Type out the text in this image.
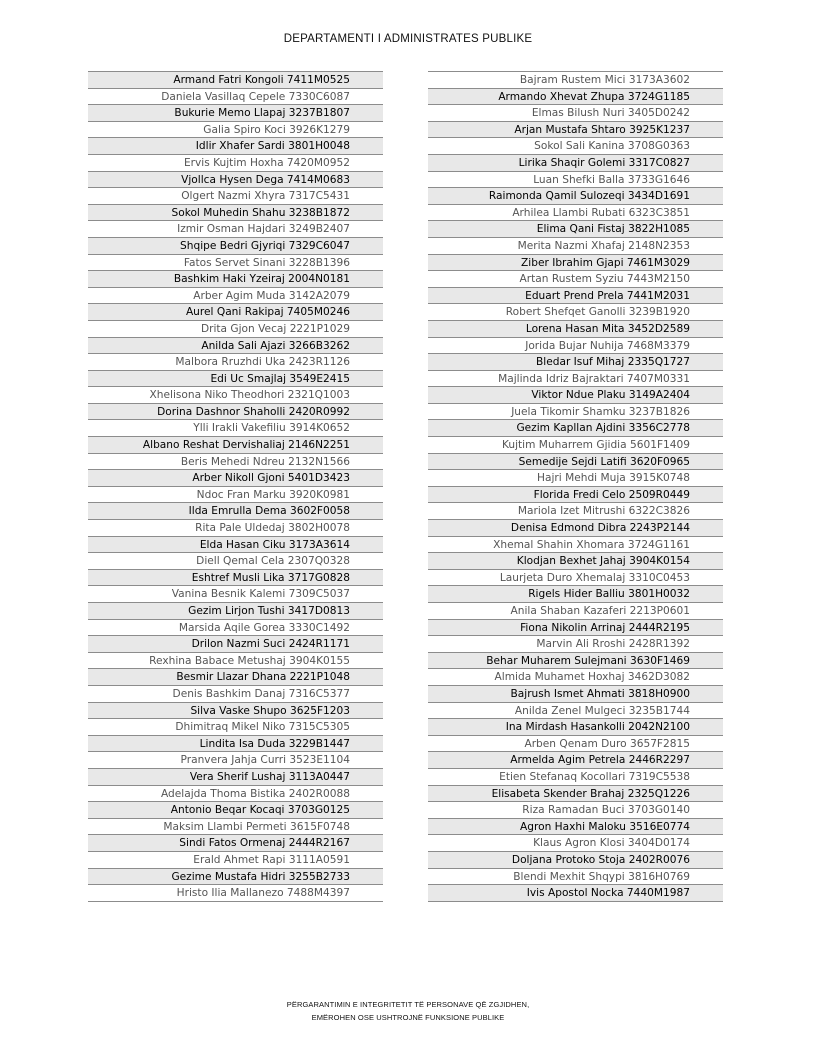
DEPARTAMENTI I ADMINISTRATES PUBLIKE
Armand Fatri Kongoli 7411M0525
Daniela Vasillaq Cepele 7330C6087
Bukurie Memo Llapaj 3237B1807
Galia Spiro Koci 3926K1279
Idlir Xhafer Sardi 3801H0048
Ervis Kujtim Hoxha 7420M0952
Vjollca Hysen Dega 7414M0683
Olgert Nazmi Xhyra 7317C5431
Sokol Muhedin Shahu 3238B1872
Izmir Osman Hajdari 3249B2407
Shqipe Bedri Gjyriqi 7329C6047
Fatos Servet Sinani 3228B1396
Bashkim Haki Yzeiraj 2004N0181
Arber Agim Muda 3142A2079
Aurel Qani Rakipaj 7405M0246
Drita Gjon Vecaj 2221P1029
Anilda Sali Ajazi 3266B3262
Malbora Rruzhdi Uka 2423R1126
Edi Uc Smajlaj 3549E2415
Xhelisona Niko Theodhori 2321Q1003
Dorina Dashnor Shaholli 2420R0992
Ylli Irakli Vakefiliu 3914K0652
Albano Reshat Dervishaliaj 2146N2251
Beris Mehedi Ndreu 2132N1566
Arber Nikoll Gjoni 5401D3423
Ndoc Fran Marku 3920K0981
Ilda Emrulla Dema 3602F0058
Rita Pale Uldedaj 3802H0078
Elda Hasan Ciku 3173A3614
Diell Qemal Cela 2307Q0328
Eshtref Musli Lika 3717G0828
Vanina Besnik Kalemi 7309C5037
Gezim Lirjon Tushi 3417D0813
Marsida Aqile Gorea 3330C1492
Drilon Nazmi Suci 2424R1171
Rexhina Babace Metushaj 3904K0155
Besmir Llazar Dhana 2221P1048
Denis Bashkim Danaj 7316C5377
Silva Vaske Shupo 3625F1203
Dhimitraq Mikel Niko 7315C5305
Lindita Isa Duda 3229B1447
Pranvera Jahja Curri 3523E1104
Vera Sherif Lushaj 3113A0447
Adelajda Thoma Bistika 2402R0088
Antonio Beqar Kocaqi 3703G0125
Maksim Llambi Permeti 3615F0748
Sindi Fatos Ormenaj 2444R2167
Erald Ahmet Rapi 3111A0591
Gezime Mustafa Hidri 3255B2733
Hristo Ilia Mallanezo 7488M4397
Bajram Rustem Mici 3173A3602
Armando Xhevat Zhupa 3724G1185
Elmas Bilush Nuri 3405D0242
Arjan Mustafa Shtaro 3925K1237
Sokol Sali Kanina 3708G0363
Lirika Shaqir Golemi 3317C0827
Luan Shefki Balla 3733G1646
Raimonda Qamil Sulozeqi 3434D1691
Arhilea Llambi Rubati 6323C3851
Elima Qani Fistaj 3822H1085
Merita Nazmi Xhafaj 2148N2353
Ziber Ibrahim Gjapi 7461M3029
Artan Rustem Syziu 7443M2150
Eduart Prend Prela 7441M2031
Robert Shefqet Ganolli 3239B1920
Lorena Hasan Mita 3452D2589
Jorida Bujar Nuhija 7468M3379
Bledar Isuf Mihaj 2335Q1727
Majlinda Idriz Bajraktari 7407M0331
Viktor Ndue Plaku 3149A2404
Juela Tikomir Shamku 3237B1826
Gezim Kapllan Ajdini 3356C2778
Kujtim Muharrem Gjidia 5601F1409
Semedije Sejdi Latifi 3620F0965
Hajri Mehdi Muja 3915K0748
Florida Fredi Celo 2509R0449
Mariola Izet Mitrushi 6322C3826
Denisa Edmond Dibra 2243P2144
Xhemal Shahin Xhomara 3724G1161
Klodjan Bexhet Jahaj 3904K0154
Laurjeta Duro Xhemalaj 3310C0453
Rigels Hider Balliu 3801H0032
Anila Shaban Kazaferi 2213P0601
Fiona Nikolin Arrinaj 2444R2195
Marvin Ali Rroshi 2428R1392
Behar Muharem Sulejmani 3630F1469
Almida Muhamet Hoxhaj 3462D3082
Bajrush Ismet Ahmati 3818H0900
Anilda Zenel Mulgeci 3235B1744
Ina Mirdash Hasankolli 2042N2100
Arben Qenam Duro 3657F2815
Armelda Agim Petrela 2446R2297
Etien Stefanaq Kocollari 7319C5538
Elisabeta Skender Brahaj 2325Q1226
Riza Ramadan Buci 3703G0140
Agron Haxhi Maloku 3516E0774
Klaus Agron Klosi 3404D0174
Doljana Protoko Stoja 2402R0076
Blendi Mexhit Shqypi 3816H0769
Ivis Apostol Nocka 7440M1987
PËRGARANTIMIN E INTEGRITETIT TË PERSONAVE QË ZGJIDHEN,
EMËROHEN OSE USHTROJNË FUNKSIONE PUBLIKE
